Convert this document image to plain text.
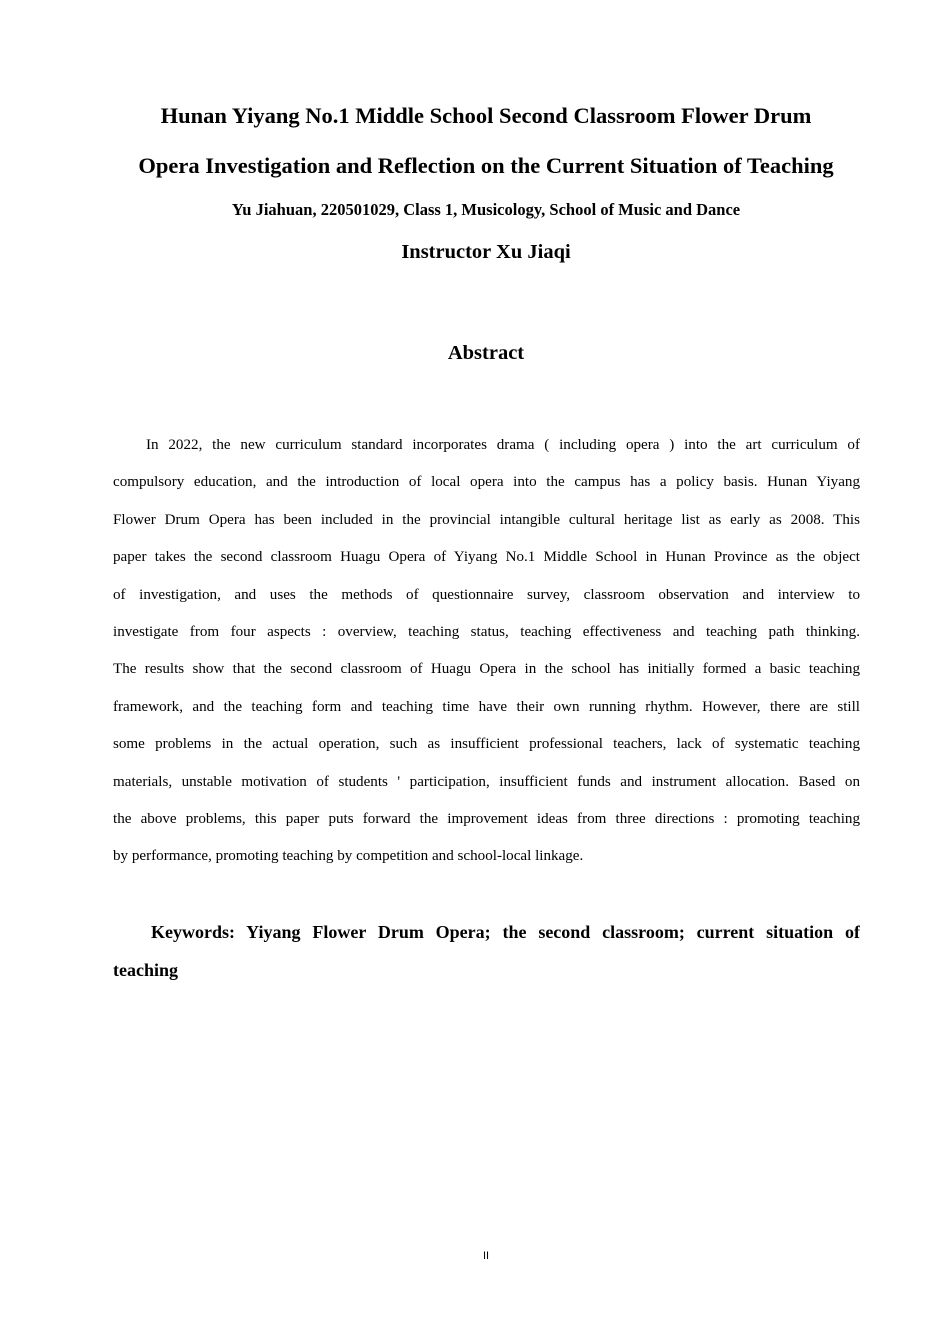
Hunan Yiyang No.1 Middle School Second Classroom Flower Drum
Opera Investigation and Reflection on the Current Situation of Teaching
Yu Jiahuan, 220501029, Class 1, Musicology, School of Music and Dance
Instructor Xu Jiaqi
Abstract
In 2022, the new curriculum standard incorporates drama ( including opera ) into the art curriculum of
compulsory education, and the introduction of local opera into the campus has a policy basis. Hunan Yiyang
Flower Drum Opera has been included in the provincial intangible cultural heritage list as early as 2008. This
paper takes the second classroom Huagu Opera of Yiyang No.1 Middle School in Hunan Province as the object
of investigation, and uses the methods of questionnaire survey, classroom observation and interview to
investigate from four aspects : overview, teaching status, teaching effectiveness and teaching path thinking.
The results show that the second classroom of Huagu Opera in the school has initially formed a basic teaching
framework, and the teaching form and teaching time have their own running rhythm. However, there are still
some problems in the actual operation, such as insufficient professional teachers, lack of systematic teaching
materials, unstable motivation of students ' participation, insufficient funds and instrument allocation. Based on
the above problems, this paper puts forward the improvement ideas from three directions : promoting teaching
by performance, promoting teaching by competition and school-local linkage.
Keywords: Yiyang Flower Drum Opera; the second classroom; current situation of
teaching
II
